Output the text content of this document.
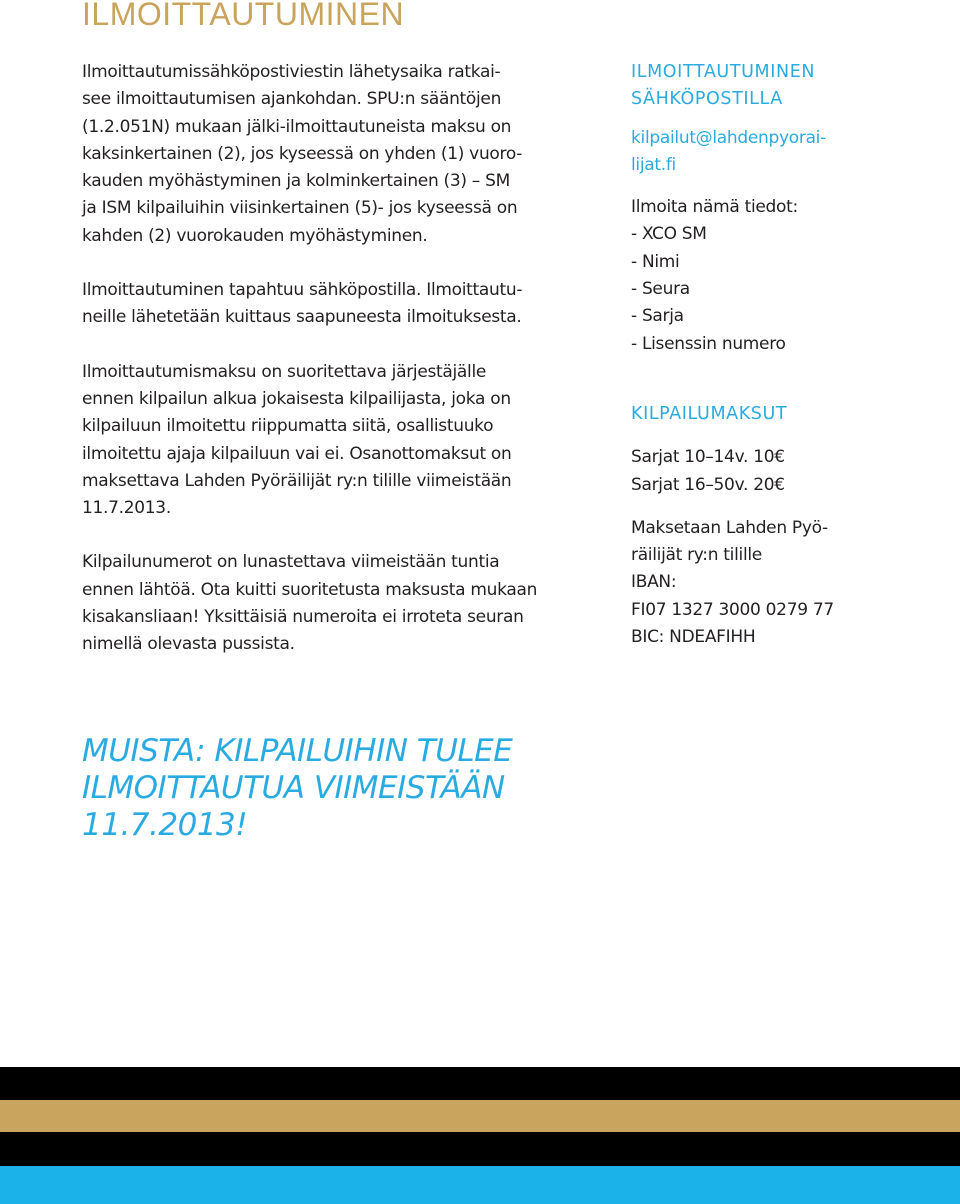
ILMOITTAUTUMINEN

Ilmoittautumissähköpostiviestin lähetysaika ratkai-
see ilmoittautumisen ajankohdan. SPU:n sääntöjen
(1.2.051N) mukaan jälki-ilmoittautuneista maksu on
kaksinkertainen (2), jos kyseessä on yhden (1) vuoro-
kauden myöhästyminen ja kolminkertainen (3) – SM
ja ISM kilpailuihin viisinkertainen (5)- jos kyseessä on
kahden (2) vuorokauden myöhästyminen.

Ilmoittautuminen tapahtuu sähköpostilla. Ilmoittautu-
neille lähetetään kuittaus saapuneesta ilmoituksesta.

Ilmoittautumismaksu on suoritettava järjestäjälle
ennen kilpailun alkua jokaisesta kilpailijasta, joka on
kilpailuun ilmoitettu riippumatta siitä, osallistuuko
ilmoitettu ajaja kilpailuun vai ei. Osanottomaksut on
maksettava Lahden Pyöräilijät ry:n tilille viimeistään
11.7.2013.

Kilpailunumerot on lunastettava viimeistään tuntia
ennen lähtöä. Ota kuitti suoritetusta maksusta mukaan
kisakansliaan! Yksittäisiä numeroita ei irroteta seuran
nimellä olevasta pussista.

MUISTA: KILPAILUIHIN TULEE
ILMOITTAUTUA VIIMEISTÄÄN
11.7.2013!
ILMOITTAUTUMINEN
SÄHKÖPOSTILLA
kilpailut@lahdenpyorai-
lijat.fi
Ilmoita nämä tiedot:
- XCO SM
- Nimi
- Seura
- Sarja
- Lisenssin numero
KILPAILUMAKSUT
Sarjat 10–14v. 10€
Sarjat 16–50v. 20€
Maksetaan Lahden Pyö-
räilijät ry:n tilille
IBAN:
FI07 1327 3000 0279 77
BIC: NDEAFIHH
